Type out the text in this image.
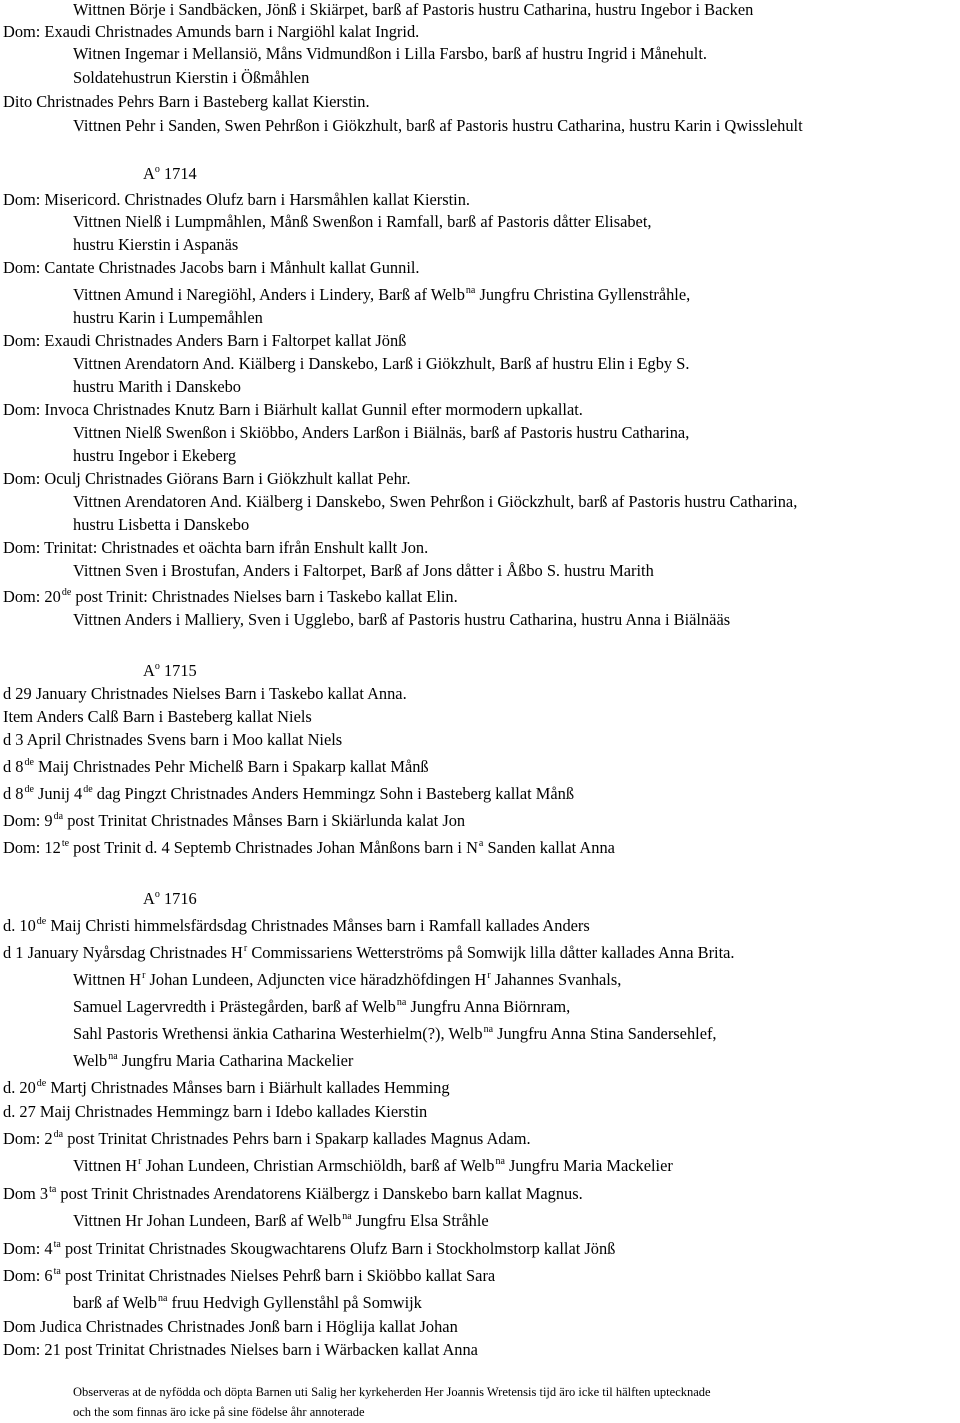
Wittnen Börje i Sandbäcken, Jönß i Skiärpet, barß af Pastoris hustru Catharina, hustru Ingebor i Backen
Dom: Exaudi Christnades Amunds barn i Nargiöhl kalat Ingrid.
Witnen Ingemar i Mellansiö, Måns Vidmundßon i Lilla Farsbo, barß af hustru Ingrid i Månehult.
Soldatehustrun Kierstin i Ößmåhlen
Dito Christnades Pehrs Barn i Basteberg kallat Kierstin.
Vittnen Pehr i Sanden, Swen Pehrßon i Giökzhult, barß af Pastoris hustru Catharina, hustru Karin i Qwisslehult
$A^o$ 1714
Dom: Misericord. Christnades Olufz barn i Harsmåhlen kallat Kierstin.
Vittnen Nielß i Lumpmåhlen, Månß Swenßon i Ramfall, barß af Pastoris dåtter Elisabet,
hustru Kierstin i Aspanäs
Dom: Cantate Christnades Jacobs barn i Månhult kallat Gunnil.
Vittnen Amund i Naregiöhl, Anders i Lindery, Barß af Welb$^{na}$ Jungfru Christina Gyllenstråhle,
hustru Karin i Lumpemåhlen
Dom: Exaudi Christnades Anders Barn i Faltorpet kallat Jönß
Vittnen Arendatorn And. Kiälberg i Danskebo, Larß i Giökzhult, Barß af hustru Elin i Egby S.
hustru Marith i Danskebo
Dom: Invoca Christnades Knutz Barn i Biärhult kallat Gunnil efter mormodern upkallat.
Vittnen Nielß Swenßon i Skiöbbo, Anders Larßon i Biälnäs, barß af Pastoris hustru Catharina,
hustru Ingebor i Ekeberg
Dom: Oculj Christnades Giörans Barn i Giökzhult kallat Pehr.
Vittnen Arendatoren And. Kiälberg i Danskebo, Swen Pehrßon i Giöckzhult, barß af Pastoris hustru Catharina,
hustru Lisbetta i Danskebo
Dom: Trinitat: Christnades et oächta barn ifrån Enshult kallt Jon.
Vittnen Sven i Brostufan, Anders i Faltorpet, Barß af Jons dåtter i Åßbo S. hustru Marith
Dom: 20de post Trinit: Christnades Nielses barn i Taskebo kallat Elin.
Vittnen Anders i Malliery, Sven i Ugglebo, barß af Pastoris hustru Catharina, hustru Anna i Biälnääs
$A^o$ 1715
d 29 January Christnades Nielses Barn i Taskebo kallat Anna.
Item Anders Calß Barn i Basteberg kallat Niels
d 3 April Christnades Svens barn i Moo kallat Niels
d 8de Maij Christnades Pehr Michelß Barn i Spakarp kallat Månß
d 8de Junij 4de dag Pingzt Christnades Anders Hemmingz Sohn i Basteberg kallat Månß
Dom: $9^{da}$ post Trinitat Christnades Månses Barn i Skiärlunda kalat Jon
Dom: $12^{te}$ post Trinit d. 4 Septemb Christnades Johan Månßons barn i $N^a$ Sanden kallat Anna
$A^o$ 1716
d. 10de Maij Christi himmelsfärdsdag Christnades Månses barn i Ramfall kallades Anders
d 1 January Nyårsdag Christnades $H^r$ Commissariens Wetterströms på Somwijk lilla dåtter kallades Anna Brita.
Wittnen $H^r$ Johan Lundeen, Adjuncten vice häradzhöfdingen $H^r$ Jahannes Svanhals,
Samuel Lagervredth i Prästegården, barß af Welb$^{na}$ Jungfru Anna Biörnram,
Sahl Pastoris Wrethensi änkia Catharina Westerhielm(?), Welb$^{na}$ Jungfru Anna Stina Sandersehlef,
Welb$^{na}$ Jungfru Maria Catharina Mackelier
d. 20de Martj Christnades Månses barn i Biärhult kallades Hemming
d. 27 Maij Christnades Hemmingz barn i Idebo kallades Kierstin
Dom: $2^{da}$ post Trinitat Christnades Pehrs barn i Spakarp kallades Magnus Adam.
Vittnen $H^r$ Johan Lundeen, Christian Armschiöldh, barß af Welb$^{na}$ Jungfru Maria Mackelier
Dom $3^{ta}$ post Trinit Christnades Arendatorens Kiälbergz i Danskebo barn kallat Magnus.
Vittnen Hr Johan Lundeen, Barß af Welb$^{na}$ Jungfru Elsa Stråhle
Dom: $4^{ta}$ post Trinitat Christnades Skougwachtarens Olufz Barn i Stockholmstorp kallat Jönß
Dom: $6^{ta}$ post Trinitat Christnades Nielses Pehrß barn i Skiöbbo kallat Sara
barß af Welb$^{na}$ fruu Hedvigh Gyllenståhl på Somwijk
Dom Judica Christnades Christnades Jonß barn i Höglija kallat Johan
Dom: 21 post Trinitat Christnades Nielses barn i Wärbacken kallat Anna
Observeras at de nyfödda och döpta Barnen uti Salig her kyrkeherden Her Joannis Wretensis tijd äro icke til hälften uptecknade
och the som finnas äro icke på sine födelse åhr annoterade
